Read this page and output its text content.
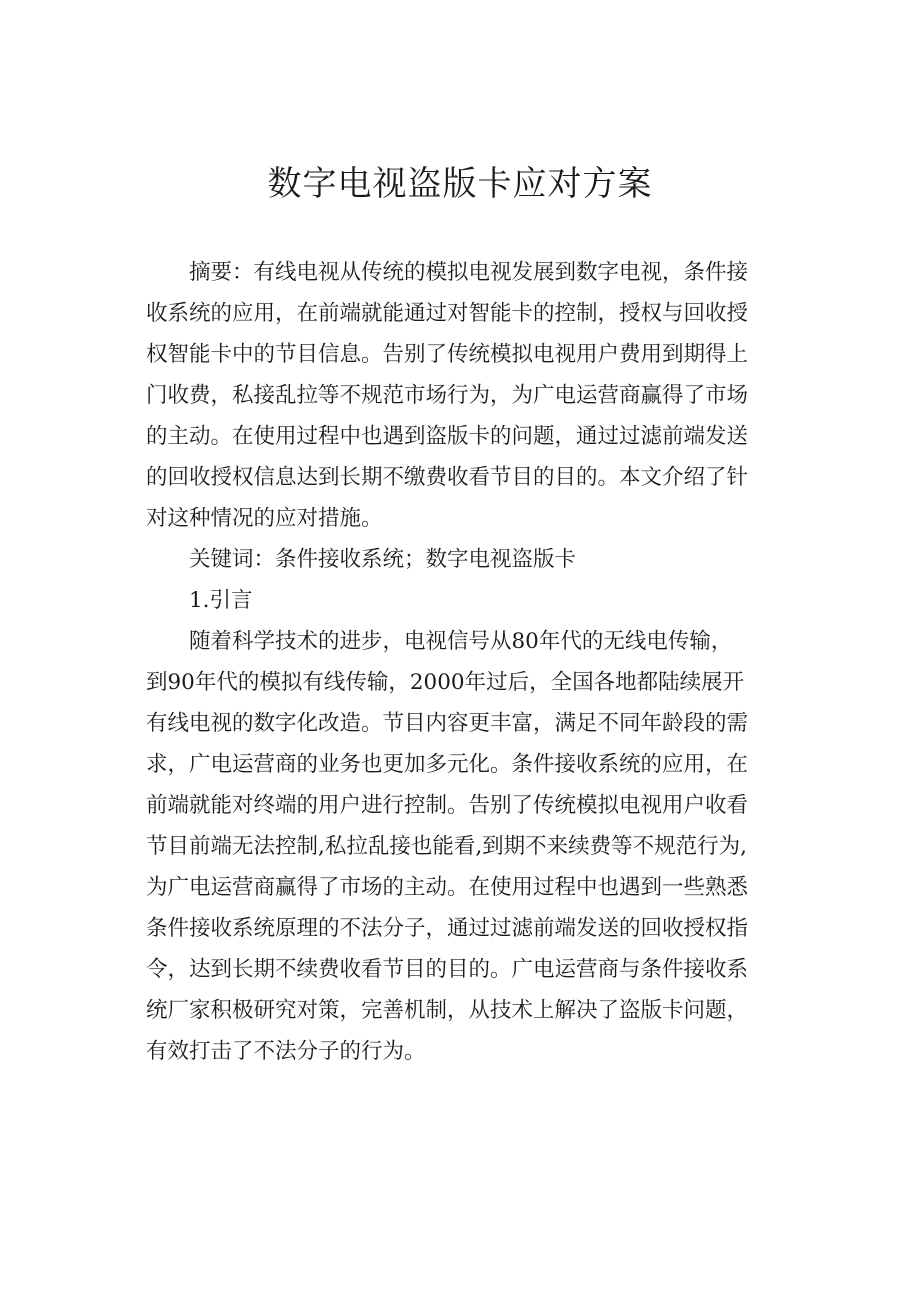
数字电视盗版卡应对方案

摘要：有线电视从传统的模拟电视发展到数字电视，条件接
收系统的应用，在前端就能通过对智能卡的控制，授权与回收授
权智能卡中的节目信息。告别了传统模拟电视用户费用到期得上
门收费，私接乱拉等不规范市场行为，为广电运营商赢得了市场
的主动。在使用过程中也遇到盗版卡的问题，通过过滤前端发送
的回收授权信息达到长期不缴费收看节目的目的。本文介绍了针
对这种情况的应对措施。

关键词：条件接收系统；数字电视盗版卡

1.引言

随着科学技术的进步，电视信号从80年代的无线电传输，
到90年代的模拟有线传输，2000年过后，全国各地都陆续展开
有线电视的数字化改造。节目内容更丰富，满足不同年龄段的需
求，广电运营商的业务也更加多元化。条件接收系统的应用，在
前端就能对终端的用户进行控制。告别了传统模拟电视用户收看
节目前端无法控制,私拉乱接也能看,到期不来续费等不规范行为,
为广电运营商赢得了市场的主动。在使用过程中也遇到一些熟悉
条件接收系统原理的不法分子，通过过滤前端发送的回收授权指
令，达到长期不续费收看节目的目的。广电运营商与条件接收系
统厂家积极研究对策，完善机制，从技术上解决了盗版卡问题，
有效打击了不法分子的行为。
